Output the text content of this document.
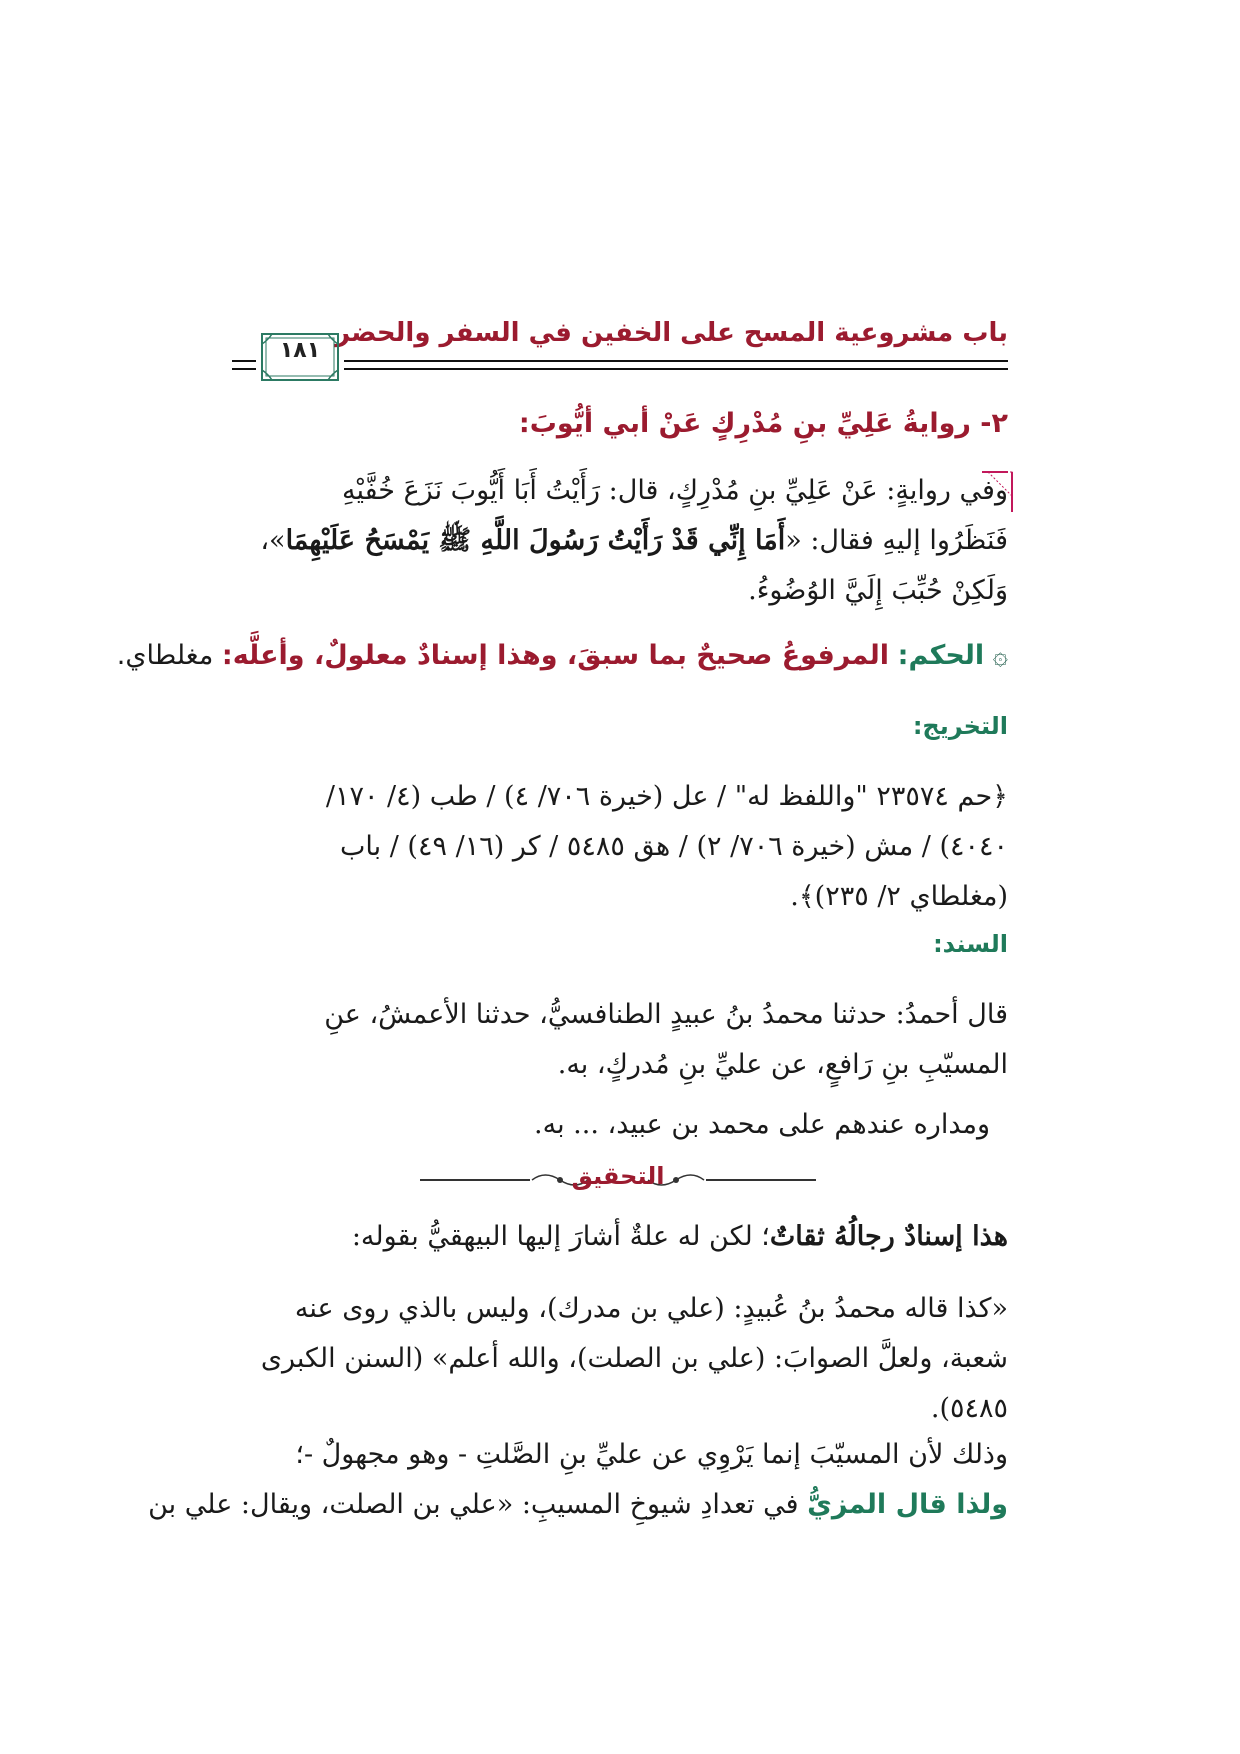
باب مشروعية المسح على الخفين في السفر والحضر
١٨١
٢- روايةُ عَلِيِّ بنِ مُدْرِكٍ عَنْ أبي أيُّوبَ:
وفي روايةٍ: عَنْ عَلِيِّ بنِ مُدْرِكٍ، قال: رَأَيْتُ أَبَا أَيُّوبَ نَزَعَ خُفَّيْهِ
فَنَظَرُوا إليهِ فقال: «أَمَا إِنِّي قَدْ رَأَيْتُ رَسُولَ اللَّهِ ﷺ يَمْسَحُ عَلَيْهِمَا»،
وَلَكِنْ حُبِّبَ إِلَيَّ الوُضُوءُ.
۞ الحكم: المرفوعُ صحيحٌ بما سبقَ، وهذا إسنادٌ معلولٌ، وأعلَّه: مغلطاي.
التخريج:
﴿حم ٢٣٥٧٤ "واللفظ له" / عل (خيرة ٧٠٦/ ٤) / طب (٤/ ١٧٠/
٤٠٤٠) / مش (خيرة ٧٠٦/ ٢) / هق ٥٤٨٥ / كر (١٦/ ٤٩) / باب
(مغلطاي ٢/ ٢٣٥)﴾.
السند:
قال أحمدُ: حدثنا محمدُ بنُ عبيدٍ الطنافسيُّ، حدثنا الأعمشُ، عنِ
المسيّبِ بنِ رَافعٍ، عن عليِّ بنِ مُدركٍ، به.
ومداره عندهم على محمد بن عبيد، ... به.
التحقيق
هذا إسنادٌ رجالُهُ ثقاتٌ؛ لكن له علةٌ أشارَ إليها البيهقيُّ بقوله:
«كذا قاله محمدُ بنُ عُبيدٍ: (علي بن مدرك)، وليس بالذي روى عنه
شعبة، ولعلَّ الصوابَ: (علي بن الصلت)، والله أعلم» (السنن الكبرى
٥٤٨٥).
وذلك لأن المسيّبَ إنما يَرْوِي عن عليِّ بنِ الصَّلتِ - وهو مجهولٌ -؛
ولذا قال المزيُّ في تعدادِ شيوخِ المسيبِ: «علي بن الصلت، ويقال: علي بن
